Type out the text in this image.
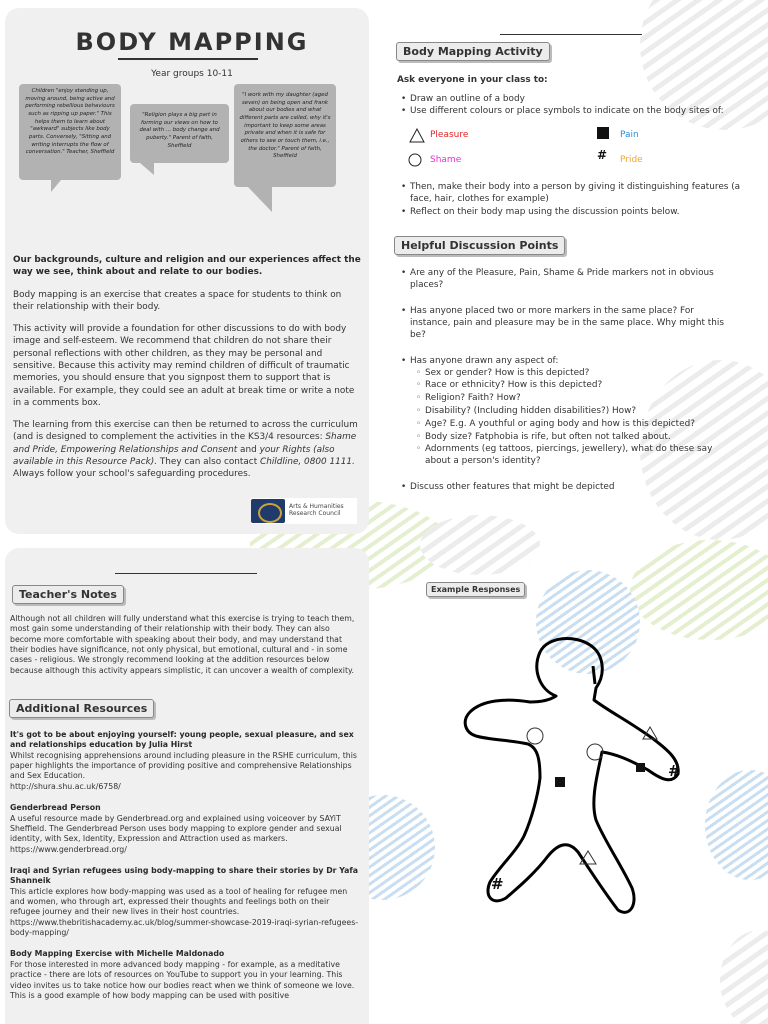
BODY MAPPING
Year groups 10-11
Children "enjoy standing up, moving around, being active and performing rebellious behaviours such as ripping up paper." This helps them to learn about "awkward" subjects like body parts. Conversely, "Sitting and writing interrupts the flow of conversation." Teacher, Sheffield
"Religion plays a big part in forming our views on how to deal with ... body change and puberty." Parent of faith, Sheffield
"I work with my daughter (aged seven) on being open and frank about our bodies and what different parts are called, why it's important to keep some areas private and when it is safe for others to see or touch them, i.e., the doctor." Parent of faith, Sheffield

Our backgrounds, culture and religion and our experiences affect the way we see, think about and relate to our bodies.

Body mapping is an exercise that creates a space for students to think on their relationship with their body.

This activity will provide a foundation for other discussions to do with body image and self-esteem. We recommend that children do not share their personal reflections with other children, as they may be personal and sensitive. Because this activity may remind children of difficult of traumatic memories, you should ensure that you signpost them to support that is available. For example, they could see an adult at break time or write a note in a comments box.

The learning from this exercise can then be returned to across the curriculum (and is designed to complement the activities in the KS3/4 resources: Shame and Pride, Empowering Relationships and Consent and your Rights (also available in this Resource Pack). They can also contact Childline, 0800 1111. Always follow your school's safeguarding procedures.

Arts & Humanities
Research Council
Body Mapping Activity
Ask everyone in your class to:
• Draw an outline of a body
• Use different colours or place symbols to indicate on the body sites of:
Pleasure	Pain
Shame	# Pride
• Then, make their body into a person by giving it distinguishing features (a face, hair, clothes for example)
• Reflect on their body map using the discussion points below.
Helpful Discussion Points
• Are any of the Pleasure, Pain, Shame & Pride markers not in obvious places?
• Has anyone placed two or more markers in the same place? For instance, pain and pleasure may be in the same place. Why might this be?
• Has anyone drawn any aspect of:
◦ Sex or gender? How is this depicted?
◦ Race or ethnicity? How is this depicted?
◦ Religion? Faith? How?
◦ Disability? (Including hidden disabilities?) How?
◦ Age? E.g. A youthful or aging body and how is this depicted?
◦ Body size? Fatphobia is rife, but often not talked about.
◦ Adornments (eg tattoos, piercings, jewellery), what do these say about a person's identity?
• Discuss other features that might be depicted
Teacher's Notes
Although not all children will fully understand what this exercise is trying to teach them, most gain some understanding of their relationship with their body. They can also become more comfortable with speaking about their body, and may understand that their bodies have significance, not only physical, but emotional, cultural and - in some cases - religious. We strongly recommend looking at the addition resources below because although this activity appears simplistic, it can uncover a wealth of complexity.
Additional Resources
It's got to be about enjoying yourself: young people, sexual pleasure, and sex and relationships education by Julia Hirst
Whilst recognising apprehensions around including pleasure in the RSHE curriculum, this paper highlights the importance of providing positive and comprehensive Relationships and Sex Education.
http://shura.shu.ac.uk/6758/
Genderbread Person
A useful resource made by Genderbread.org and explained using voiceover by SAYiT Sheffield. The Genderbread Person uses body mapping to explore gender and sexual identity, with Sex, Identity, Expression and Attraction used as markers.
https://www.genderbread.org/
Iraqi and Syrian refugees using body-mapping to share their stories by Dr Yafa Shanneik
This article explores how body-mapping was used as a tool of healing for refugee men and women, who through art, expressed their thoughts and feelings both on their refugee journey and their new lives in their host countries.
https://www.thebritishacademy.ac.uk/blog/summer-showcase-2019-iraqi-syrian-refugees-body-mapping/
Body Mapping Exercise with Michelle Maldonado
For those interested in more advanced body mapping - for example, as a meditative practice - there are lots of resources on YouTube to support you in your learning. This video invites us to take notice how our bodies react when we think of someone we love. This is a good example of how body mapping can be used with positive
Example Responses
#
#
